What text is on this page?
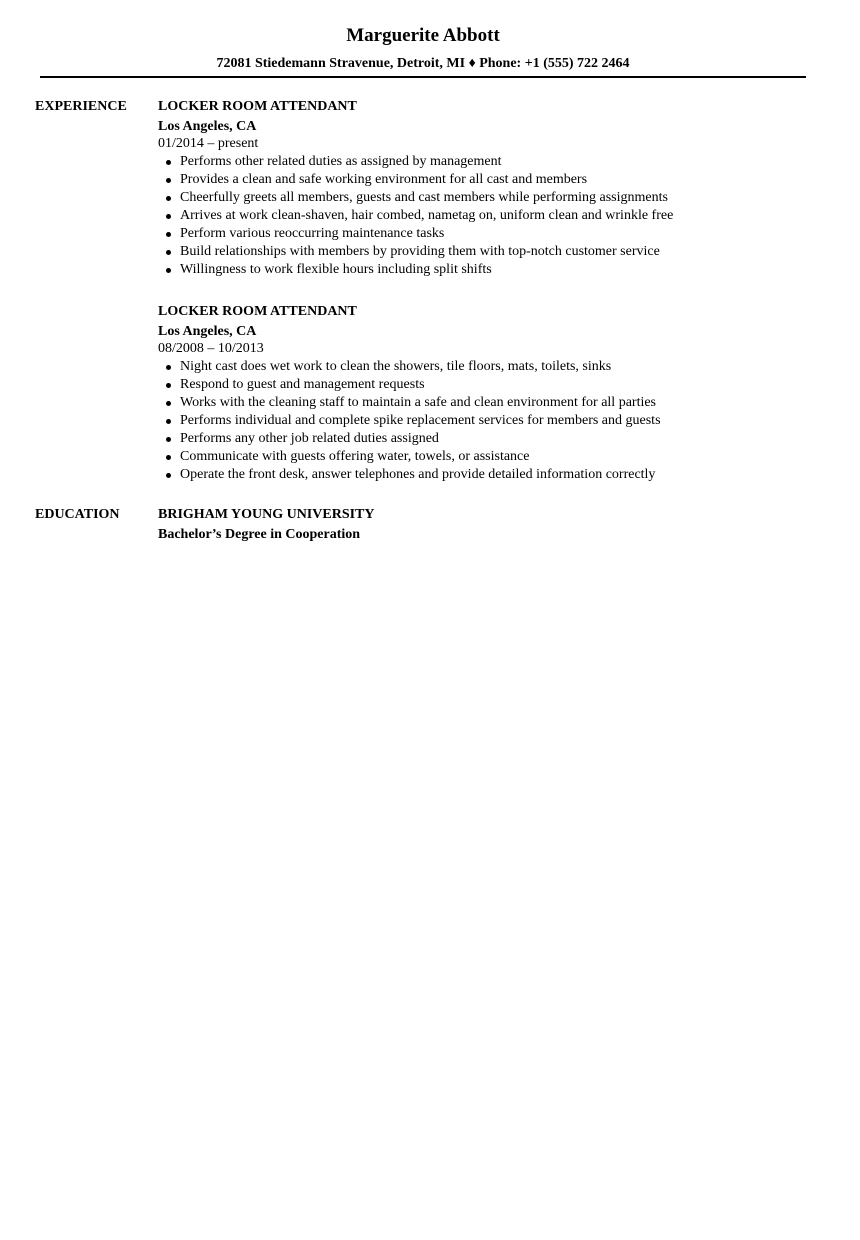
Marguerite Abbott
72081 Stiedemann Stravenue, Detroit, MI ♦ Phone: +1 (555) 722 2464
EXPERIENCE LOCKER ROOM ATTENDANT
Los Angeles, CA
01/2014 – present
Performs other related duties as assigned by management
Provides a clean and safe working environment for all cast and members
Cheerfully greets all members, guests and cast members while performing assignments
Arrives at work clean-shaven, hair combed, nametag on, uniform clean and wrinkle free
Perform various reoccurring maintenance tasks
Build relationships with members by providing them with top-notch customer service
Willingness to work flexible hours including split shifts
LOCKER ROOM ATTENDANT
Los Angeles, CA
08/2008 – 10/2013
Night cast does wet work to clean the showers, tile floors, mats, toilets, sinks
Respond to guest and management requests
Works with the cleaning staff to maintain a safe and clean environment for all parties
Performs individual and complete spike replacement services for members and guests
Performs any other job related duties assigned
Communicate with guests offering water, towels, or assistance
Operate the front desk, answer telephones and provide detailed information correctly
EDUCATION	BRIGHAM YOUNG UNIVERSITY
Bachelor’s Degree in Cooperation
